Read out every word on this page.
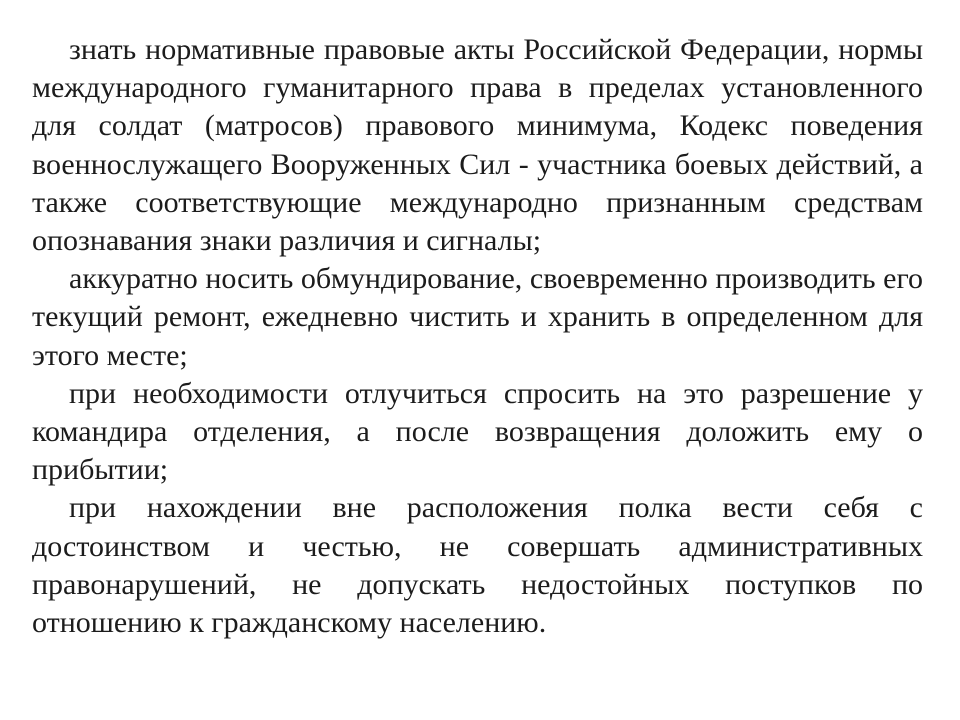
знать нормативные правовые акты Российской Федерации, нормы международного гуманитарного права в пределах установленного для солдат (матросов) правового минимума, Кодекс поведения военнослужащего Вооруженных Сил - участника боевых действий, а также соответствующие международно признанным средствам опознавания знаки различия и сигналы;

аккуратно носить обмундирование, своевременно производить его текущий ремонт, ежедневно чистить и хранить в определенном для этого месте;

при необходимости отлучиться спросить на это разрешение у командира отделения, а после возвращения доложить ему о прибытии;

при нахождении вне расположения полка вести себя с достоинством и честью, не совершать административных правонарушений, не допускать недостойных поступков по отношению к гражданскому населению.
